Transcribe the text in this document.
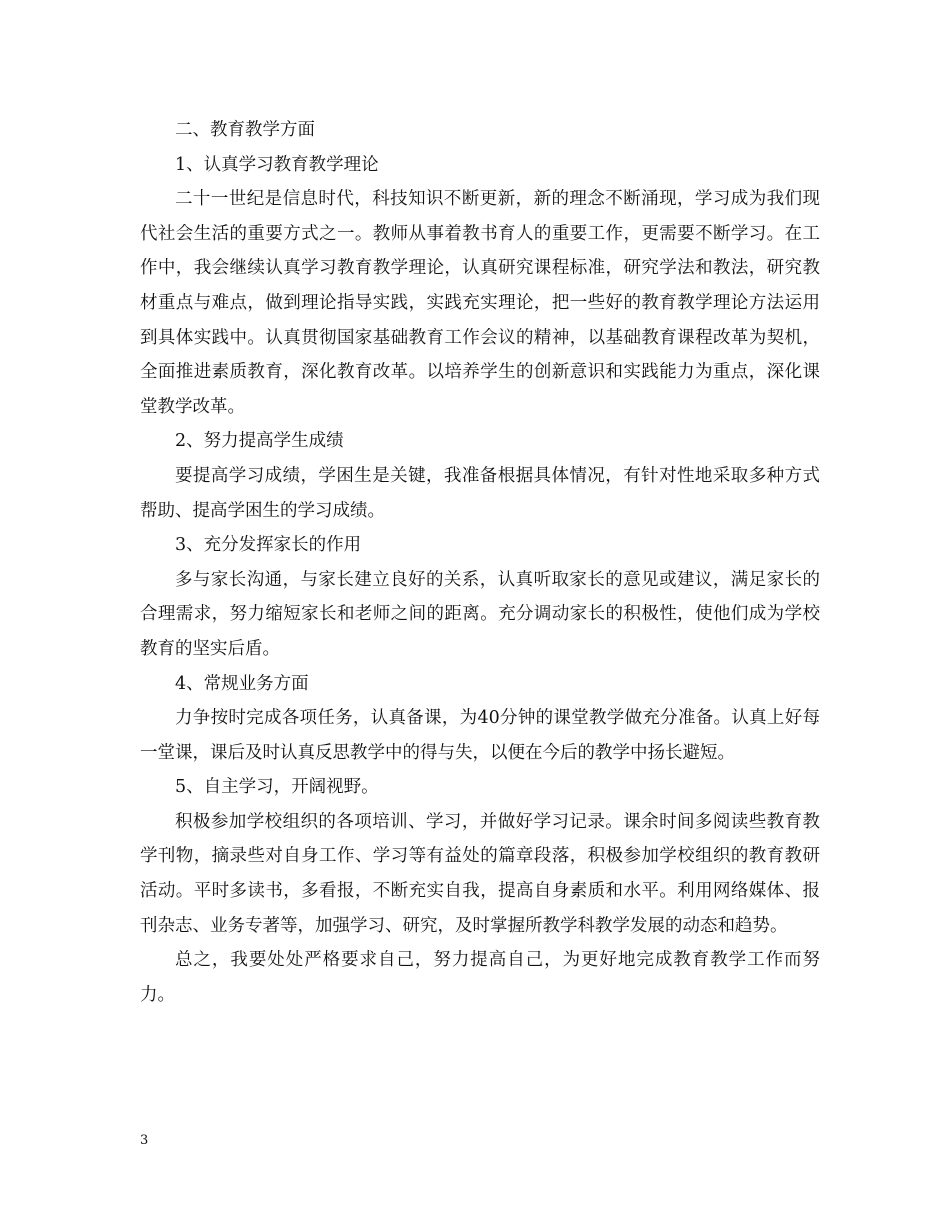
二、教育教学方面

1、认真学习教育教学理论

二十一世纪是信息时代，科技知识不断更新，新的理念不断涌现，学习成为我们现代社会生活的重要方式之一。教师从事着教书育人的重要工作，更需要不断学习。在工作中，我会继续认真学习教育教学理论，认真研究课程标准，研究学法和教法，研究教材重点与难点，做到理论指导实践，实践充实理论，把一些好的教育教学理论方法运用到具体实践中。认真贯彻国家基础教育工作会议的精神，以基础教育课程改革为契机，全面推进素质教育，深化教育改革。以培养学生的创新意识和实践能力为重点，深化课堂教学改革。

2、努力提高学生成绩

要提高学习成绩，学困生是关键，我准备根据具体情况，有针对性地采取多种方式帮助、提高学困生的学习成绩。

3、充分发挥家长的作用

多与家长沟通，与家长建立良好的关系，认真听取家长的意见或建议，满足家长的合理需求，努力缩短家长和老师之间的距离。充分调动家长的积极性，使他们成为学校教育的坚实后盾。

4、常规业务方面

力争按时完成各项任务，认真备课，为40分钟的课堂教学做充分准备。认真上好每一堂课，课后及时认真反思教学中的得与失，以便在今后的教学中扬长避短。

5、自主学习，开阔视野。

积极参加学校组织的各项培训、学习，并做好学习记录。课余时间多阅读些教育教学刊物，摘录些对自身工作、学习等有益处的篇章段落，积极参加学校组织的教育教研活动。平时多读书，多看报，不断充实自我，提高自身素质和水平。利用网络媒体、报刊杂志、业务专著等，加强学习、研究，及时掌握所教学科教学发展的动态和趋势。

总之，我要处处严格要求自己，努力提高自己，为更好地完成教育教学工作而努力。

3
